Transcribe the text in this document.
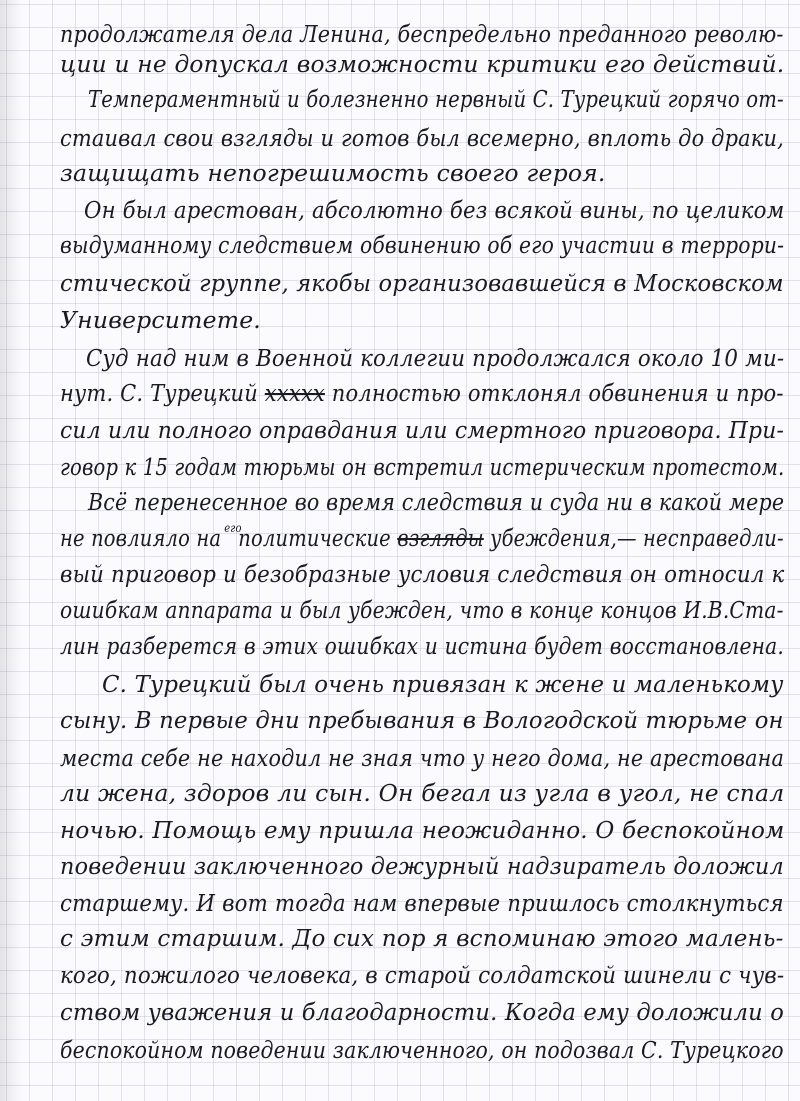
продолжателя дела Ленина, беспредельно преданного револю-
ции и не допускал возможности критики его действий.
Темпераментный и болезненно нервный С. Турецкий горячо от-
стаивал свои взгляды и готов был всемерно, вплоть до драки,
защищать непогрешимость своего героя.
Он был арестован, абсолютно без всякой вины, по целиком
выдуманному следствием обвинению об его участии в террори-
стической группе, якобы организовавшейся в Московском
Университете.
Суд над ним в Военной коллегии продолжался около 10 ми-
нут. С. Турецкий ххххх полностью отклонял обвинения и про-
сил или полного оправдания или смертного приговора. При-
говор к 15 годам тюрьмы он встретил истерическим протестом.
Всё перенесенное во время следствия и суда ни в какой мере
не повлияло на $^{его}$политические взгляды убеждения,— несправедли-
вый приговор и безобразные условия следствия он относил к
ошибкам аппарата и был убежден, что в конце концов И.В.Ста-
лин разберется в этих ошибках и истина будет восстановлена.
С. Турецкий был очень привязан к жене и маленькому
сыну. В первые дни пребывания в Вологодской тюрьме он
места себе не находил не зная что у него дома, не арестована
ли жена, здоров ли сын. Он бегал из угла в угол, не спал
ночью. Помощь ему пришла неожиданно. О беспокойном
поведении заключенного дежурный надзиратель доложил
старшему. И вот тогда нам впервые пришлось столкнуться
с этим старшим. До сих пор я вспоминаю этого малень-
кого, пожилого человека, в старой солдатской шинели с чув-
ством уважения и благодарности. Когда ему доложили о
беспокойном поведении заключенного, он подозвал С. Турецкого
